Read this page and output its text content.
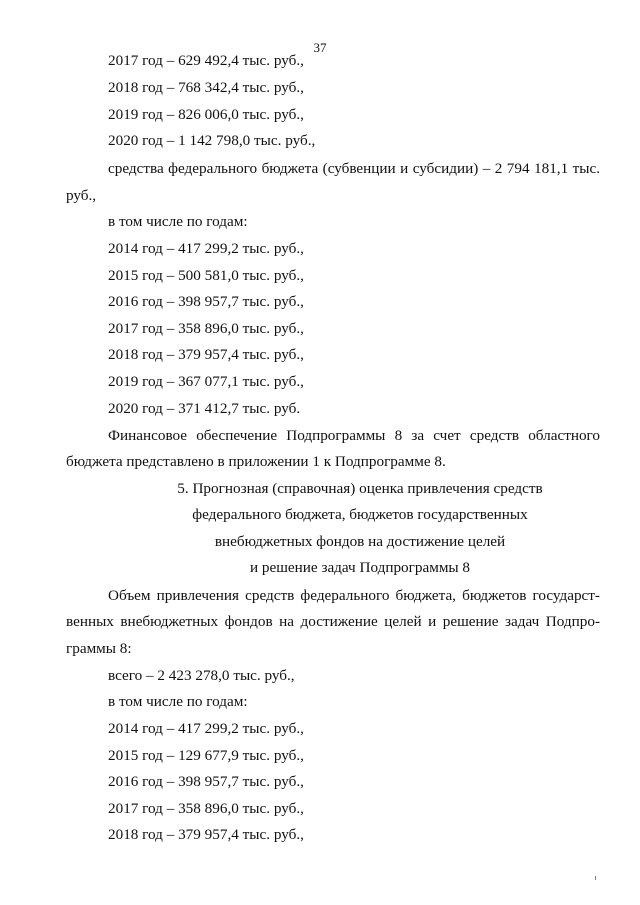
37
2017 год – 629 492,4 тыс. руб.,
2018 год – 768 342,4 тыс. руб.,
2019 год – 826 006,0 тыс. руб.,
2020 год – 1 142 798,0 тыс. руб.,
средства федерального бюджета (субвенции и субсидии) – 2 794 181,1 тыс.
руб.,
в том числе по годам:
2014 год – 417 299,2 тыс. руб.,
2015 год – 500 581,0 тыс. руб.,
2016 год – 398 957,7 тыс. руб.,
2017 год – 358 896,0 тыс. руб.,
2018 год – 379 957,4 тыс. руб.,
2019 год – 367 077,1 тыс. руб.,
2020 год – 371 412,7 тыс. руб.
Финансовое обеспечение Подпрограммы 8 за счет средств областного
бюджета представлено в приложении 1 к Подпрограмме 8.
5. Прогнозная (справочная) оценка привлечения средств
федерального бюджета, бюджетов государственных
внебюджетных фондов на достижение целей
и решение задач Подпрограммы 8
Объем привлечения средств федерального бюджета, бюджетов государст-
венных внебюджетных фондов на достижение целей и решение задач Подпро-
граммы 8:
всего – 2 423 278,0 тыс. руб.,
в том числе по годам:
2014 год – 417 299,2 тыс. руб.,
2015 год – 129 677,9 тыс. руб.,
2016 год – 398 957,7 тыс. руб.,
2017 год – 358 896,0 тыс. руб.,
2018 год – 379 957,4 тыс. руб.,
